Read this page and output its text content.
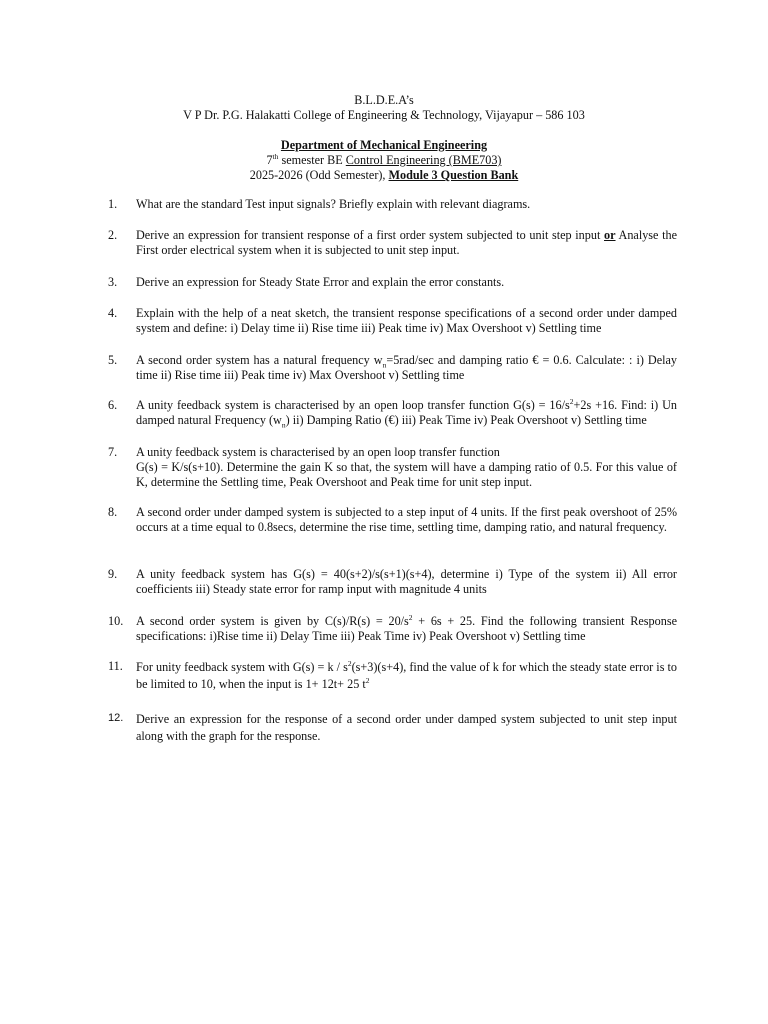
B.L.D.E.A’s
V P Dr. P.G. Halakatti College of Engineering & Technology, Vijayapur – 586 103
Department of Mechanical Engineering
7th semester BE Control Engineering (BME703)
2025-2026 (Odd Semester), Module 3 Question Bank
1.	What are the standard Test input signals? Briefly explain with relevant diagrams.
2.	Derive an expression for transient response of a first order system subjected to unit step input or Analyse the First order electrical system when it is subjected to unit step input.
3.	Derive an expression for Steady State Error and explain the error constants.
4.	Explain with the help of a neat sketch, the transient response specifications of a second order under damped system and define: i) Delay time ii) Rise time iii) Peak time iv) Max Overshoot v) Settling time
5.	A second order system has a natural frequency $w_n=5rad/\sec$ and damping ratio € = 0.6. Calculate: : i) Delay time ii) Rise time iii) Peak time iv) Max Overshoot v) Settling time
6.	A unity feedback system is characterised by an open loop transfer function $G(s) = 16/s^2+2s +16$. Find: i) Un damped natural Frequency $(w_n)$ ii) Damping Ratio (€) iii) Peak Time iv) Peak Overshoot v) Settling time
7.	A unity feedback system is characterised by an open loop transfer function
G(s) = K/s(s+10). Determine the gain K so that, the system will have a damping ratio of 0.5. For this value of K, determine the Settling time, Peak Overshoot and Peak time for unit step input.
8.	A second order under damped system is subjected to a step input of 4 units. If the first peak overshoot of 25% occurs at a time equal to 0.8secs, determine the rise time, settling time, damping ratio, and natural frequency.
9.	A unity feedback system has G(s) = 40(s+2)/s(s+1)(s+4), determine i) Type of the system ii) All error coefficients iii) Steady state error for ramp input with magnitude 4 units
10.	A second order system is given by $C(s)/R(s) = 20/s^2 + 6s + 25$. Find the following transient Response specifications: i)Rise time ii) Delay Time iii) Peak Time iv) Peak Overshoot v) Settling time
11.	For unity feedback system with $G(s) = k / s^2(s+3)(s+4)$, find the value of k for which the steady state error is to be limited to 10, when the input is 1+ 12t+ 25 $t^2$
12.	Derive an expression for the response of a second order under damped system subjected to unit step input along with the graph for the response.
